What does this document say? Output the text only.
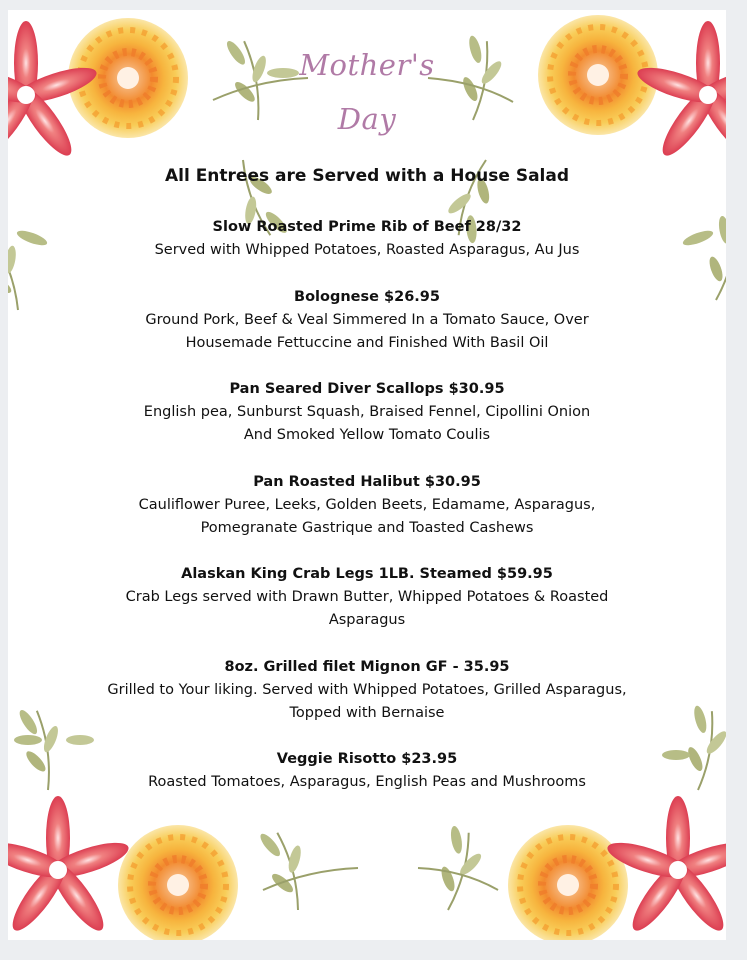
Mother's
Day
All Entrees are Served with a House Salad
Slow Roasted Prime Rib of Beef 28/32
Served with Whipped Potatoes, Roasted Asparagus, Au Jus
Bolognese $26.95
Ground Pork, Beef & Veal Simmered In a Tomato Sauce, Over
Housemade Fettuccine and Finished With Basil Oil
Pan Seared Diver Scallops $30.95
English pea, Sunburst Squash, Braised Fennel, Cipollini Onion
And Smoked Yellow Tomato Coulis
Pan Roasted Halibut $30.95
Cauliflower Puree, Leeks, Golden Beets, Edamame, Asparagus,
Pomegranate Gastrique and Toasted Cashews
Alaskan King Crab Legs 1LB. Steamed $59.95
Crab Legs served with Drawn Butter, Whipped Potatoes & Roasted
Asparagus
8oz. Grilled filet Mignon GF - 35.95
Grilled to Your liking. Served with Whipped Potatoes, Grilled Asparagus,
Topped with Bernaise
Veggie Risotto $23.95
Roasted Tomatoes, Asparagus, English Peas and Mushrooms
